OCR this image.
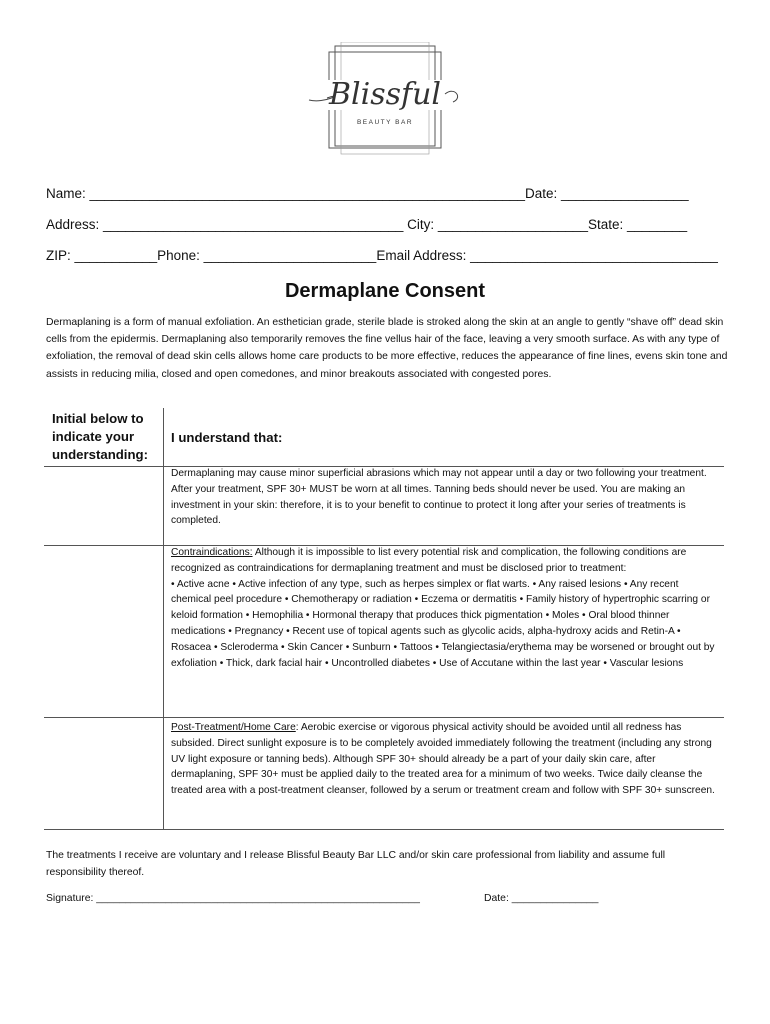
Blissful
BEAUTY BAR
Name: __________________________________________________________Date: _________________
Address: ________________________________________ City: ____________________State: ________
ZIP: ___________Phone: _______________________Email Address: _________________________________
Dermaplane Consent
Dermaplaning is a form of manual exfoliation. An esthetician grade, sterile blade is stroked along the skin at an angle to gently “shave off” dead skin cells from the epidermis. Dermaplaning also temporarily removes the fine vellus hair of the face, leaving a very smooth surface. As with any type of exfoliation, the removal of dead skin cells allows home care products to be more effective, reduces the appearance of fine lines, evens skin tone and assists in reducing milia, closed and open comedones, and minor breakouts associated with congested pores.
Initial below to indicate your understanding:
I understand that:
Dermaplaning may cause minor superficial abrasions which may not appear until a day or two following your treatment. After your treatment, SPF 30+ MUST be worn at all times. Tanning beds should never be used. You are making an investment in your skin: therefore, it is to your benefit to continue to protect it long after your series of treatments is completed.
Contraindications: Although it is impossible to list every potential risk and complication, the following conditions are recognized as contraindications for dermaplaning treatment and must be disclosed prior to treatment:
• Active acne • Active infection of any type, such as herpes simplex or flat warts. • Any raised lesions • Any recent chemical peel procedure • Chemotherapy or radiation • Eczema or dermatitis • Family history of hypertrophic scarring or keloid formation • Hemophilia • Hormonal therapy that produces thick pigmentation • Moles • Oral blood thinner medications • Pregnancy • Recent use of topical agents such as glycolic acids, alpha-hydroxy acids and Retin-A • Rosacea • Scleroderma • Skin Cancer • Sunburn • Tattoos • Telangiectasia/erythema may be worsened or brought out by exfoliation • Thick, dark facial hair • Uncontrolled diabetes • Use of Accutane within the last year • Vascular lesions
Post-Treatment/Home Care: Aerobic exercise or vigorous physical activity should be avoided until all redness has subsided. Direct sunlight exposure is to be completely avoided immediately following the treatment (including any strong UV light exposure or tanning beds). Although SPF 30+ should already be a part of your daily skin care, after dermaplaning, SPF 30+ must be applied daily to the treated area for a minimum of two weeks. Twice daily cleanse the treated area with a post-treatment cleanser, followed by a serum or treatment cream and follow with SPF 30+ sunscreen.
The treatments I receive are voluntary and I release Blissful Beauty Bar LLC and/or skin care professional from liability and assume full responsibility thereof.
Signature: ________________________________________________________	Date: _______________
